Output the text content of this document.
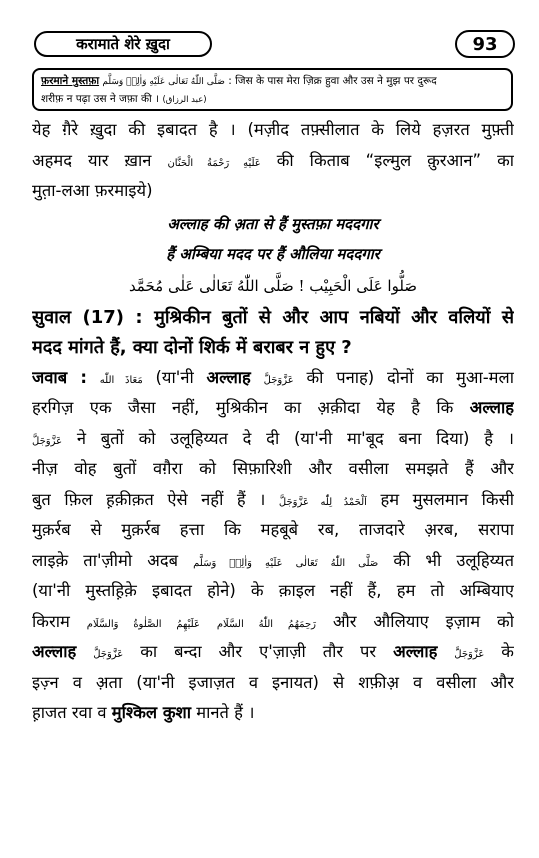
करामाते शेरे ख़ुदा	93
फ़रमाने मुस्तफ़ा صَلَّى اللّٰهُ تَعَالٰى عَلَيْهِ وَاٰلِهٖ وَسَلَّم : जिस के पास मेरा ज़िक्र हुवा और उस ने मुझ पर दुरूद
शरीफ़ न पढ़ा उस ने जफ़ा की । (عبد الرزاق)
येह ग़ैरे ख़ुदा की इबादत है । (मज़ीद तफ़्सीलात के लिये हज़रत मुफ़्ती
अहमद यार ख़ान عَلَيْهِ رَحْمَةُ الْحَنَّان की किताब “इल्मुल क़ुरआन” का
मुत़ा-लआ फ़रमाइये)
अल्लाह की अ़ता से हैं मुस्तफ़ा मददगार
हैं अम्बिया मदद पर हैं औलिया मददगार
صَلُّوا عَلَى الْحَبِيْب ! صَلَّى اللّٰهُ تَعَالٰى عَلٰى مُحَمَّد
सुवाल (17) : मुश्रिकीन बुतों से और आप नबियों और वलियों से
मदद मांगते हैं, क्या दोनों शिर्क में बराबर न हुए ?
जवाब : مَعَاذَ اللّٰه (या'नी अल्लाह عَزَّوَجَلَّ की पनाह) दोनों का मुआ-मला
हरगिज़ एक जैसा नहीं, मुश्रिकीन का अ़क़ीदा येह है कि अल्लाह
عَزَّوَجَلَّ ने बुतों को उलूहिय्यत दे दी (या'नी मा'बूद बना दिया) है ।
नीज़ वोह बुतों वग़ैरा को सिफ़ारिशी और वसीला समझते हैं और
बुत फ़िल ह़क़ीक़त ऐसे नहीं हैं । اَلْحَمْدُ لِلّٰه عَزَّوَجَلَّ हम मुसलमान किसी
मुक़र्रब से मुक़र्रब हत्ता कि महबूबे रब, ताजदारे अ़रब, सरापा
लाइक़े ता'ज़ीमो अदब صَلَّى اللّٰهُ تَعَالٰى عَلَيْهِ وَاٰلِهٖ وَسَلَّم की भी उलूहिय्यत
(या'नी मुस्तह़िक़े इबादत होने) के क़ाइल नहीं हैं, हम तो अम्बियाए
किराम	رَحِمَهُمُ اللّٰهُ السَّلَام عَلَيْهِمُ الصَّلٰوةُ وَالسَّلَام	और औलियाए इज़ाम को
अल्लाह عَزَّوَجَلَّ का बन्दा और ए'ज़ाज़ी तौर पर अल्लाह عَزَّوَجَلَّ के
इज़्न व अ़ता (या'नी इजाज़त व इनायत) से शफ़ीअ़ व वसीला और
ह़ाजत रवा व मुश्किल कुशा मानते हैं ।
